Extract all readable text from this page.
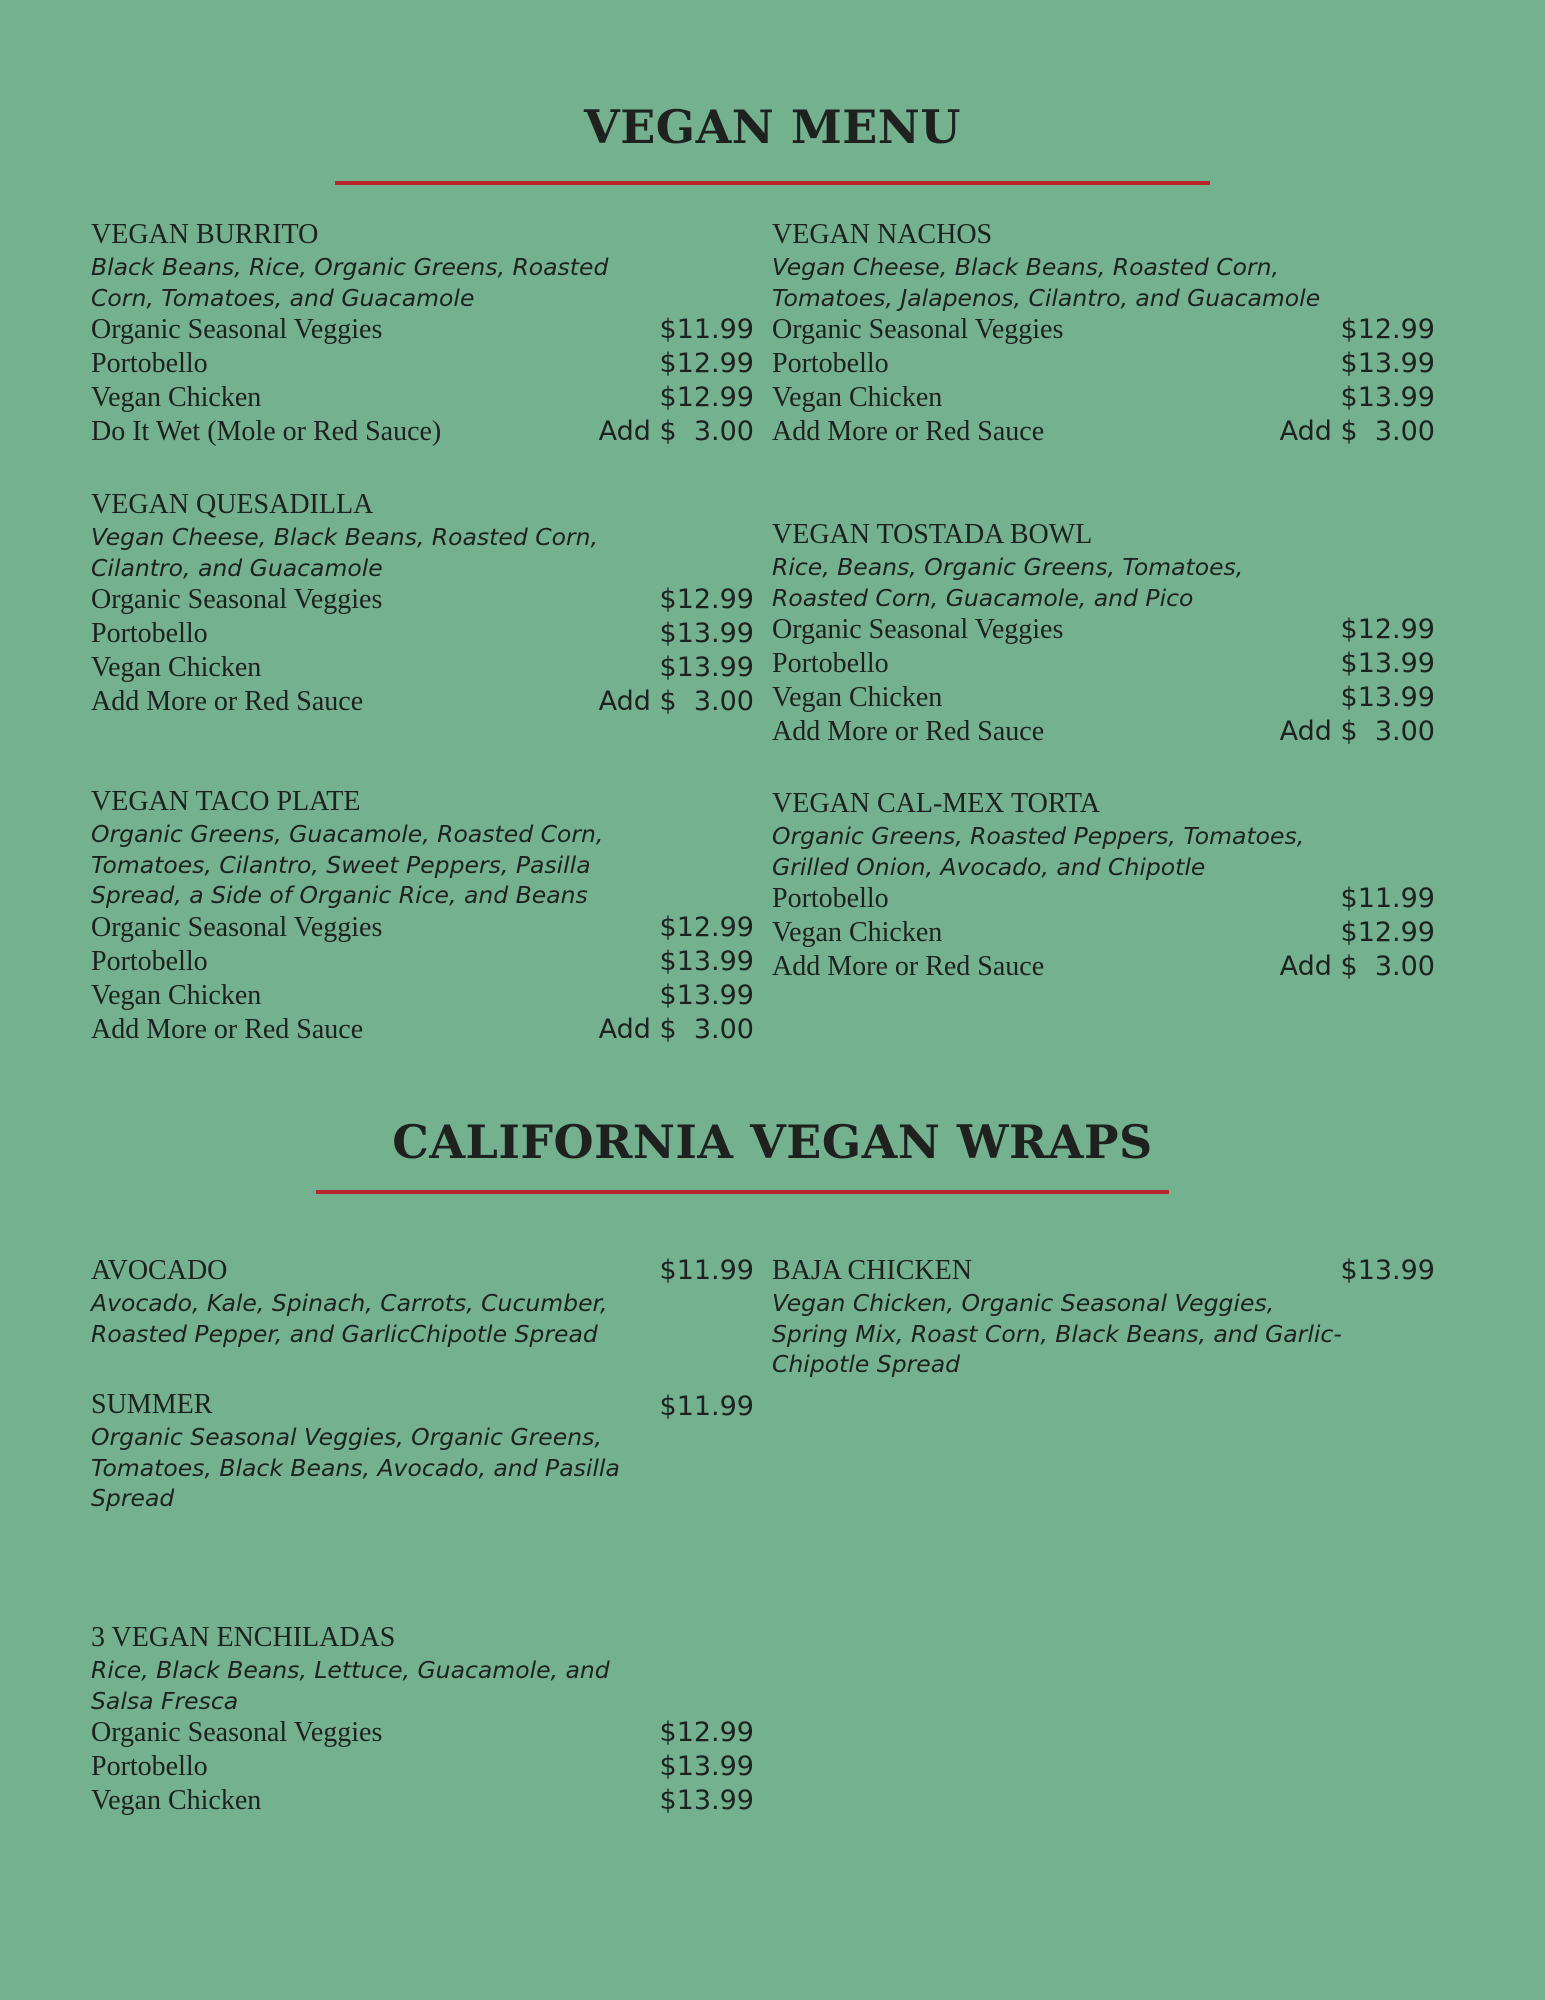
VEGAN MENU
VEGAN BURRITO

Black Beans, Rice, Organic Greens, Roasted Corn, Tomatoes, and Guacamole

Organic Seasonal Veggies	$11.99
Portobello	$12.99
Vegan Chicken	$12.99
Do It Wet (Mole or Red Sauce)	Add $  3.00
VEGAN NACHOS

Vegan Cheese, Black Beans, Roasted Corn, Tomatoes, Jalapenos, Cilantro, and Guacamole

Organic Seasonal Veggies	$12.99
Portobello	$13.99
Vegan Chicken	$13.99
Add More or Red Sauce	Add $  3.00
VEGAN QUESADILLA

Vegan Cheese, Black Beans, Roasted Corn, Cilantro, and Guacamole

Organic Seasonal Veggies	$12.99
Portobello	$13.99
Vegan Chicken	$13.99
Add More or Red Sauce	Add $  3.00
VEGAN TOSTADA BOWL

Rice, Beans, Organic Greens, Tomatoes, Roasted Corn, Guacamole, and Pico

Organic Seasonal Veggies	$12.99
Portobello	$13.99
Vegan Chicken	$13.99
Add More or Red Sauce	Add $  3.00
VEGAN TACO PLATE

Organic Greens, Guacamole, Roasted Corn, Tomatoes, Cilantro, Sweet Peppers, Pasilla Spread, a Side of Organic Rice, and Beans

Organic Seasonal Veggies	$12.99
Portobello	$13.99
Vegan Chicken	$13.99
Add More or Red Sauce	Add $  3.00
VEGAN CAL-MEX TORTA

Organic Greens, Roasted Peppers, Tomatoes, Grilled Onion, Avocado, and Chipotle

Portobello	$11.99
Vegan Chicken	$12.99
Add More or Red Sauce	Add $  3.00
CALIFORNIA VEGAN WRAPS
AVOCADO	$11.99

Avocado, Kale, Spinach, Carrots, Cucumber, Roasted Pepper, and GarlicChipotle Spread

BAJA CHICKEN	$13.99

Vegan Chicken, Organic Seasonal Veggies, Spring Mix, Roast Corn, Black Beans, and Garlic-Chipotle Spread

SUMMER	$11.99

Organic Seasonal Veggies, Organic Greens, Tomatoes, Black Beans, Avocado, and Pasilla Spread

3 VEGAN ENCHILADAS

Rice, Black Beans, Lettuce, Guacamole, and Salsa Fresca

Organic Seasonal Veggies	$12.99
Portobello	$13.99
Vegan Chicken	$13.99
